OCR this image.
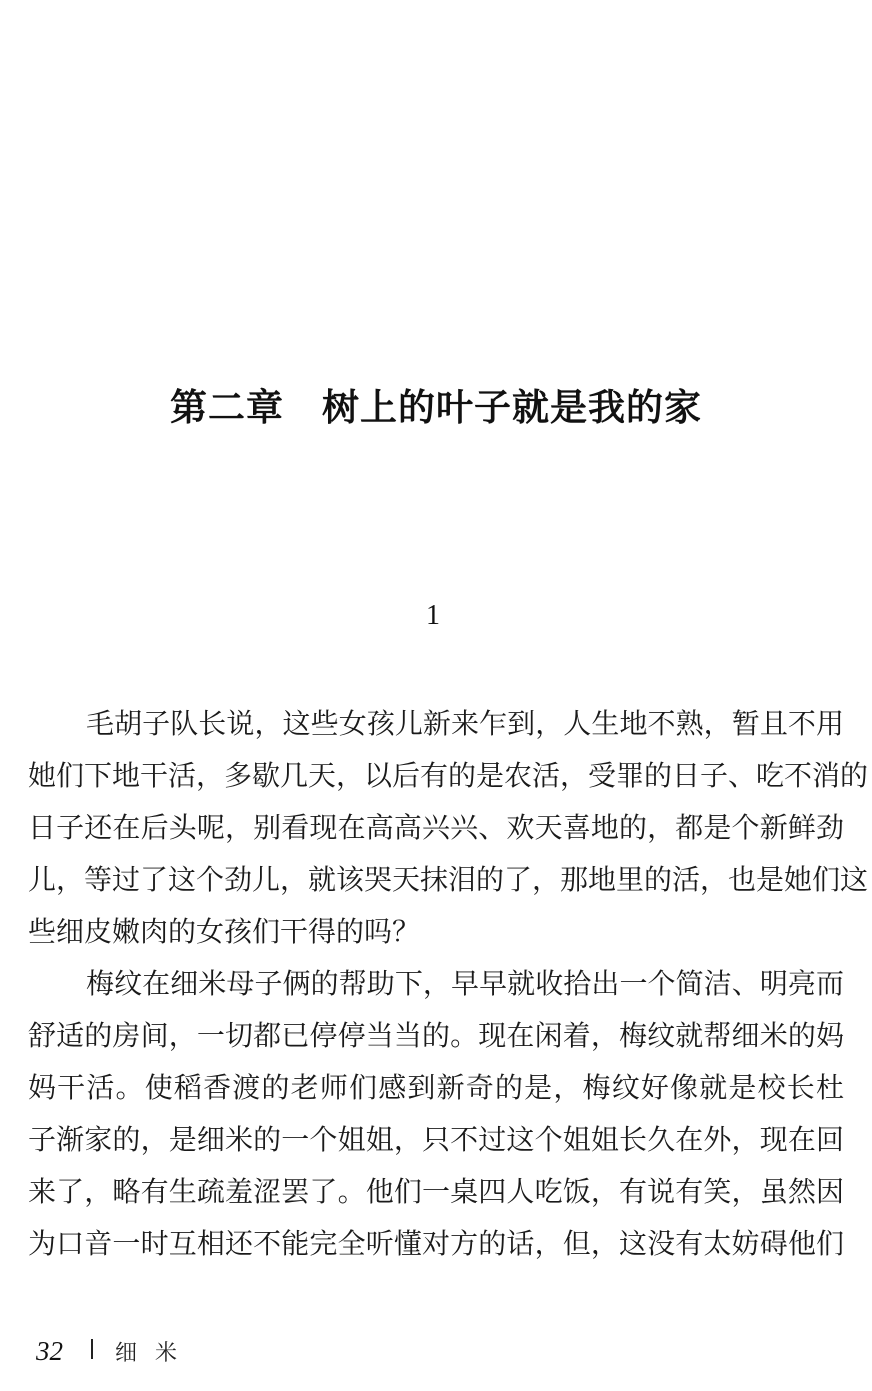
第二章　树上的叶子就是我的家
1
毛胡子队长说，这些女孩儿新来乍到，人生地不熟，暂且不用
她们下地干活，多歇几天，以后有的是农活，受罪的日子、吃不消的
日子还在后头呢，别看现在高高兴兴、欢天喜地的，都是个新鲜劲
儿，等过了这个劲儿，就该哭天抹泪的了，那地里的活，也是她们这
些细皮嫩肉的女孩们干得的吗？
梅纹在细米母子俩的帮助下，早早就收拾出一个简洁、明亮而
舒适的房间，一切都已停停当当的。现在闲着，梅纹就帮细米的妈
妈干活。使稻香渡的老师们感到新奇的是，梅纹好像就是校长杜
子渐家的，是细米的一个姐姐，只不过这个姐姐长久在外，现在回
来了，略有生疏羞涩罢了。他们一桌四人吃饭，有说有笑，虽然因
为口音一时互相还不能完全听懂对方的话，但，这没有太妨碍他们
32 细米
